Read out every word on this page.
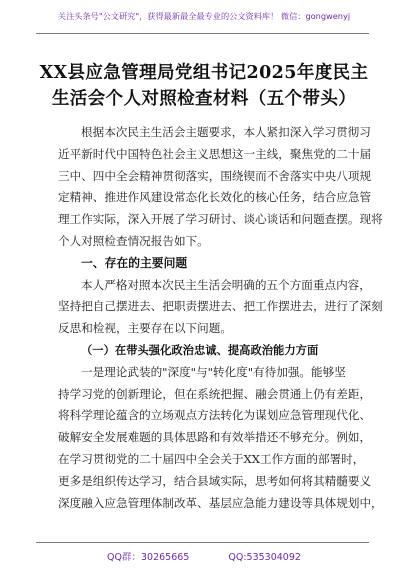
关注头条号"公文研究"，获得最新最全最专业的公文资料库！ 微信：gongwenyj
XX县应急管理局党组书记2025年度民主
生活会个人对照检查材料（五个带头）
根据本次民主生活会主题要求，本人紧扣深入学习贯彻习
近平新时代中国特色社会主义思想这一主线，聚焦党的二十届
三中、四中全会精神贯彻落实，围绕锲而不舍落实中央八项规
定精神、推进作风建设常态化长效化的核心任务，结合应急管
理工作实际，深入开展了学习研讨、谈心谈话和问题查摆。现将
个人对照检查情况报告如下。
一、存在的主要问题
本人严格对照本次民主生活会明确的五个方面重点内容，
坚持把自己摆进去、把职责摆进去、把工作摆进去，进行了深刻
反思和检视，主要存在以下问题。
（一）在带头强化政治忠诚、提高政治能力方面
一是理论武装的"深度"与"转化度"有待加强。能够坚
持学习党的创新理论，但在系统把握、融会贯通上仍有差距，
将科学理论蕴含的立场观点方法转化为谋划应急管理现代化、
破解安全发展难题的具体思路和有效举措还不够充分。例如，
在学习贯彻党的二十届四中全会关于XX工作方面的部署时，
更多是组织传达学习，结合县域实际，思考如何将其精髓要义
深度融入应急管理体制改革、基层应急能力建设等具体规划中，
QQ群：30265665	QQ:535304092
